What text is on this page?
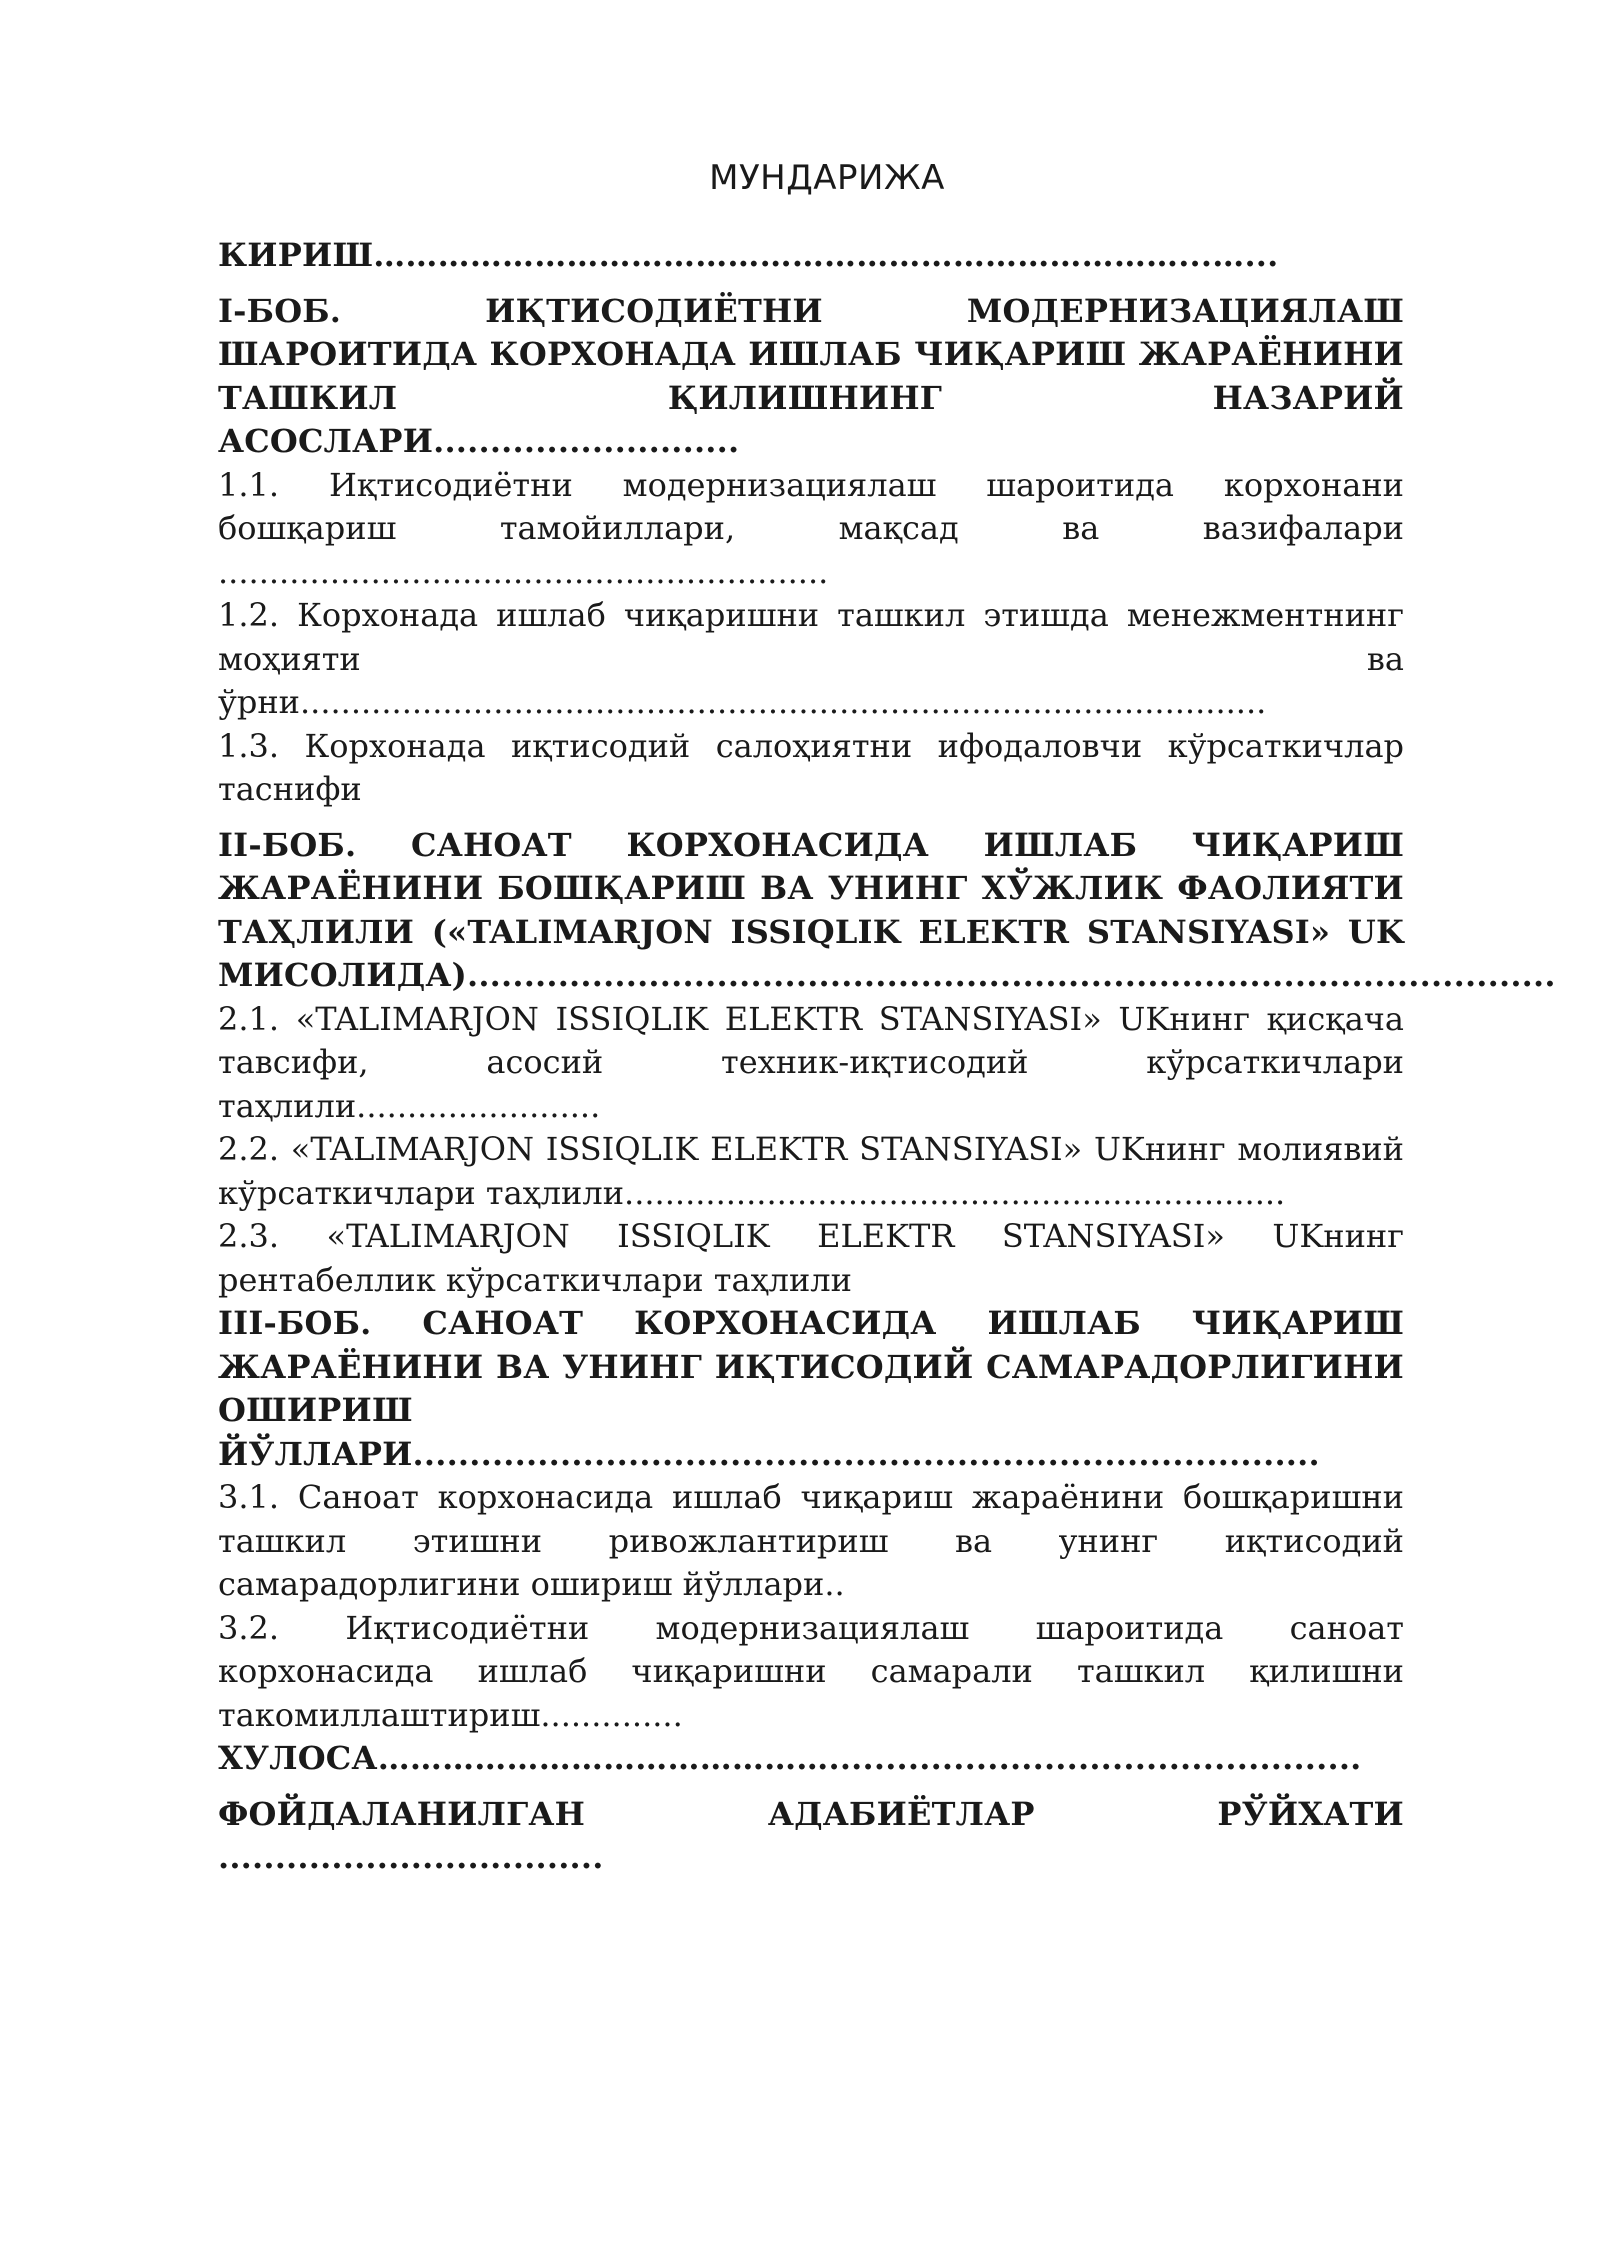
МУНДАРИЖА
КИРИШ…………………………………………………………………...…...
I-БОБ. ИҚТИСОДИЁТНИ МОДЕРНИЗАЦИЯЛАШ ШАРОИТИДА КОРХОНАДА ИШЛАБ ЧИҚАРИШ ЖАРАЁНИНИ ТАШКИЛ ҚИЛИШНИНГ НАЗАРИЙ АСОСЛАРИ...........................
1.1. Иқтисодиётни модернизациялаш шароитида корхонани бошқариш тамойиллари, мақсад ва вазифалари ............................................................
1.2. Корхонада ишлаб чиқаришни ташкил этишда менежментнинг моҳияти ва ўрни...............................................................................................
1.3. Корхонада иқтисодий салоҳиятни ифодаловчи кўрсаткичлар таснифи
II-БОБ. САНОАТ КОРХОНАСИДА ИШЛАБ ЧИҚАРИШ ЖАРАЁНИНИ БОШҚАРИШ ВА УНИНГ ХЎЖЛИК ФАОЛИЯТИ ТАҲЛИЛИ («TALIMARJON ISSIQLIK ELEKTR STANSIYASI» UK МИСОЛИДА)................................................................................................
2.1. «TALIMARJON ISSIQLIK ELEKTR STANSIYASI» UKнинг қисқача тавсифи, асосий техник-иқтисодий кўрсаткичлари таҳлили........................
2.2. «TALIMARJON ISSIQLIK ELEKTR STANSIYASI» UKнинг молиявий кўрсаткичлари таҳлили.................................................................
2.3. «TALIMARJON ISSIQLIK ELEKTR STANSIYASI» UKнинг рентабеллик кўрсаткичлари таҳлили
III-БОБ. САНОАТ КОРХОНАСИДА ИШЛАБ ЧИҚАРИШ ЖАРАЁНИНИ ВА УНИНГ ИҚТИСОДИЙ САМАРАДОРЛИГИНИ ОШИРИШ ЙЎЛЛАРИ................................................................................
3.1. Саноат корхонасида ишлаб чиқариш жараёнини бошқаришни ташкил этишни ривожлантириш ва унинг иқтисодий самарадорлигини ошириш йўллари..
3.2. Иқтисодиётни модернизациялаш шароитида саноат корхонасида ишлаб чиқаришни самарали ташкил қилишни такомиллаштириш..............
ХУЛОСА……………………………………...............................................
ФОЙДАЛАНИЛГАН АДАБИЁТЛАР РЎЙХАТИ ..................................
